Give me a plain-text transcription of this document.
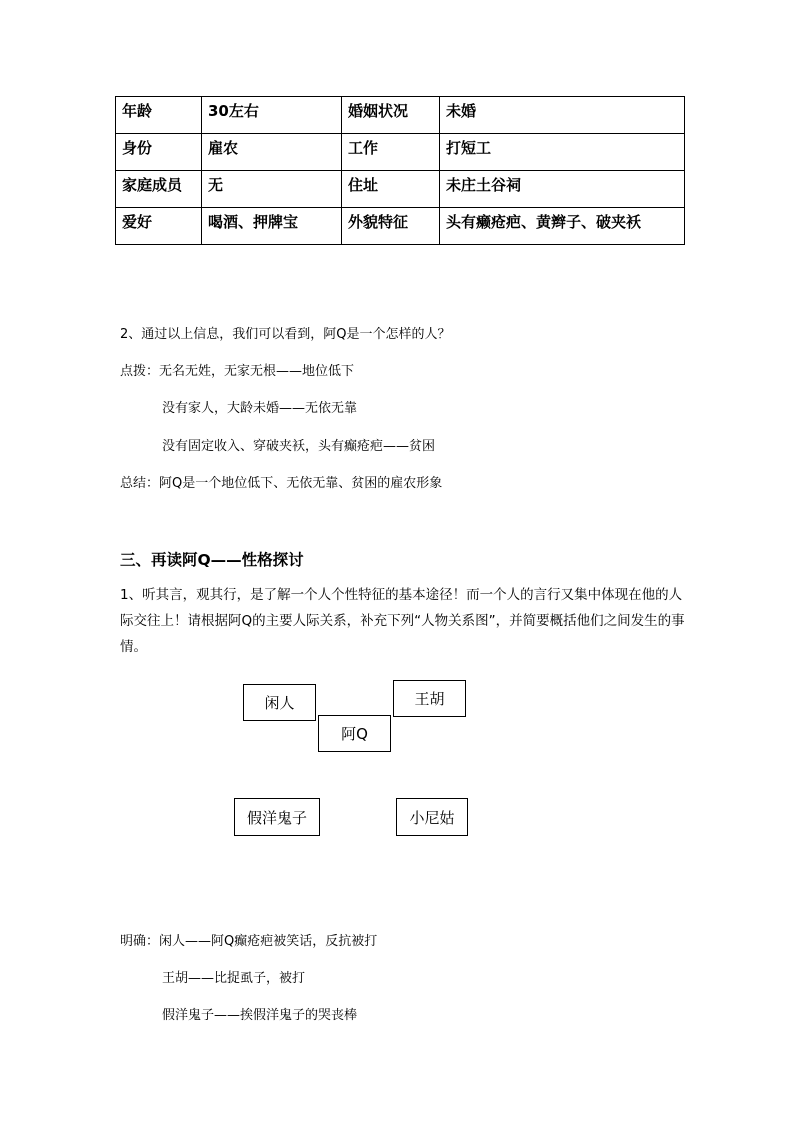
年龄	30左右	婚姻状况	未婚
身份	雇农	工作	打短工
家庭成员	无	住址	未庄土谷祠
爱好	喝酒、押牌宝	外貌特征	头有癞疮疤、黄辫子、破夹袄
2、通过以上信息，我们可以看到，阿Q是一个怎样的人？
点拨：无名无姓，无家无根——地位低下
没有家人，大龄未婚——无依无靠
没有固定收入、穿破夹袄，头有癫疮疤——贫困
总结：阿Q是一个地位低下、无依无靠、贫困的雇农形象
三、再读阿Q——性格探讨
1、听其言，观其行，是了解一个人个性特征的基本途径！而一个人的言行又集中体现在他的人际交往上！请根据阿Q的主要人际关系，补充下列“人物关系图”，并简要概括他们之间发生的事情。
闲人	王胡
阿Q
假洋鬼子	小尼姑
明确：闲人——阿Q癫疮疤被笑话，反抗被打
王胡——比捉虱子，被打
假洋鬼子——挨假洋鬼子的哭丧棒
